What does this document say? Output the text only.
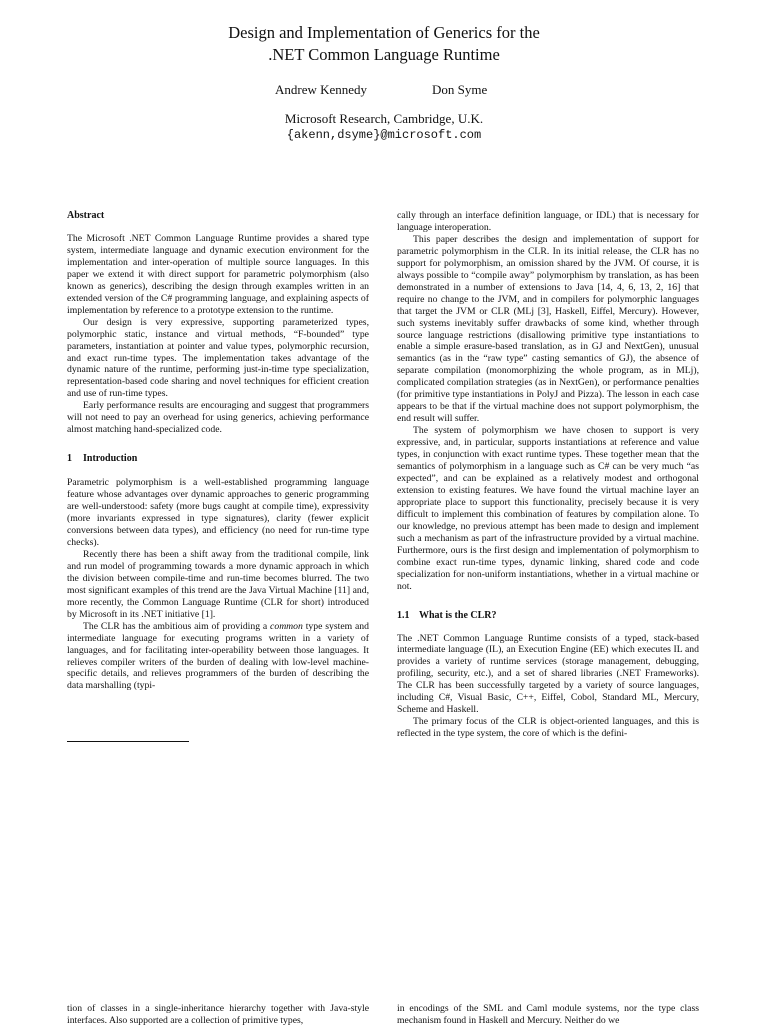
Design and Implementation of Generics for the
.NET Common Language Runtime
Andrew Kennedy	Don Syme
Microsoft Research, Cambridge, U.K.
{akenn,dsyme}@microsoft.com
Abstract

The Microsoft .NET Common Language Runtime provides a shared type system, intermediate language and dynamic execution environment for the implementation and inter-operation of multiple source languages. In this paper we extend it with direct support for parametric polymorphism (also known as generics), describing the design through examples written in an extended version of the C# programming language, and explaining aspects of implementation by reference to a prototype extension to the runtime.

Our design is very expressive, supporting parameterized types, polymorphic static, instance and virtual methods, “F-bounded” type parameters, instantiation at pointer and value types, polymorphic recursion, and exact run-time types. The implementation takes advantage of the dynamic nature of the runtime, performing just-in-time type specialization, representation-based code sharing and novel techniques for efficient creation and use of run-time types.

Early performance results are encouraging and suggest that programmers will not need to pay an overhead for using generics, achieving performance almost matching hand-specialized code.

1 Introduction

Parametric polymorphism is a well-established programming language feature whose advantages over dynamic approaches to generic programming are well-understood: safety (more bugs caught at compile time), expressivity (more invariants expressed in type signatures), clarity (fewer explicit conversions between data types), and efficiency (no need for run-time type checks).

Recently there has been a shift away from the traditional compile, link and run model of programming towards a more dynamic approach in which the division between compile-time and run-time becomes blurred. The two most significant examples of this trend are the Java Virtual Machine [11] and, more recently, the Common Language Runtime (CLR for short) introduced by Microsoft in its .NET initiative [1].

The CLR has the ambitious aim of providing a common type system and intermediate language for executing programs written in a variety of languages, and for facilitating inter-operability between those languages. It relieves compiler writers of the burden of dealing with low-level machine-specific details, and relieves programmers of the burden of describing the data marshalling (typi-

cally through an interface definition language, or IDL) that is necessary for language interoperation.

This paper describes the design and implementation of support for parametric polymorphism in the CLR. In its initial release, the CLR has no support for polymorphism, an omission shared by the JVM. Of course, it is always possible to “compile away” polymorphism by translation, as has been demonstrated in a number of extensions to Java [14, 4, 6, 13, 2, 16] that require no change to the JVM, and in compilers for polymorphic languages that target the JVM or CLR (MLj [3], Haskell, Eiffel, Mercury). However, such systems inevitably suffer drawbacks of some kind, whether through source language restrictions (disallowing primitive type instantiations to enable a simple erasure-based translation, as in GJ and NextGen), unusual semantics (as in the “raw type” casting semantics of GJ), the absence of separate compilation (monomorphizing the whole program, as in MLj), complicated compilation strategies (as in NextGen), or performance penalties (for primitive type instantiations in PolyJ and Pizza). The lesson in each case appears to be that if the virtual machine does not support polymorphism, the end result will suffer.

The system of polymorphism we have chosen to support is very expressive, and, in particular, supports instantiations at reference and value types, in conjunction with exact runtime types. These together mean that the semantics of polymorphism in a language such as C# can be very much “as expected”, and can be explained as a relatively modest and orthogonal extension to existing features. We have found the virtual machine layer an appropriate place to support this functionality, precisely because it is very difficult to implement this combination of features by compilation alone. To our knowledge, no previous attempt has been made to design and implement such a mechanism as part of the infrastructure provided by a virtual machine. Furthermore, ours is the first design and implementation of polymorphism to combine exact run-time types, dynamic linking, shared code and code specialization for non-uniform instantiations, whether in a virtual machine or not.

1.1 What is the CLR?

The .NET Common Language Runtime consists of a typed, stack-based intermediate language (IL), an Execution Engine (EE) which executes IL and provides a variety of runtime services (storage management, debugging, profiling, security, etc.), and a set of shared libraries (.NET Frameworks). The CLR has been successfully targeted by a variety of source languages, including C#, Visual Basic, C++, Eiffel, Cobol, Standard ML, Mercury, Scheme and Haskell.

The primary focus of the CLR is object-oriented languages, and this is reflected in the type system, the core of which is the defini-

tion of classes in a single-inheritance hierarchy together with Java-style interfaces. Also supported are a collection of primitive types,
in encodings of the SML and Caml module systems, nor the type class mechanism found in Haskell and Mercury. Neither do we
